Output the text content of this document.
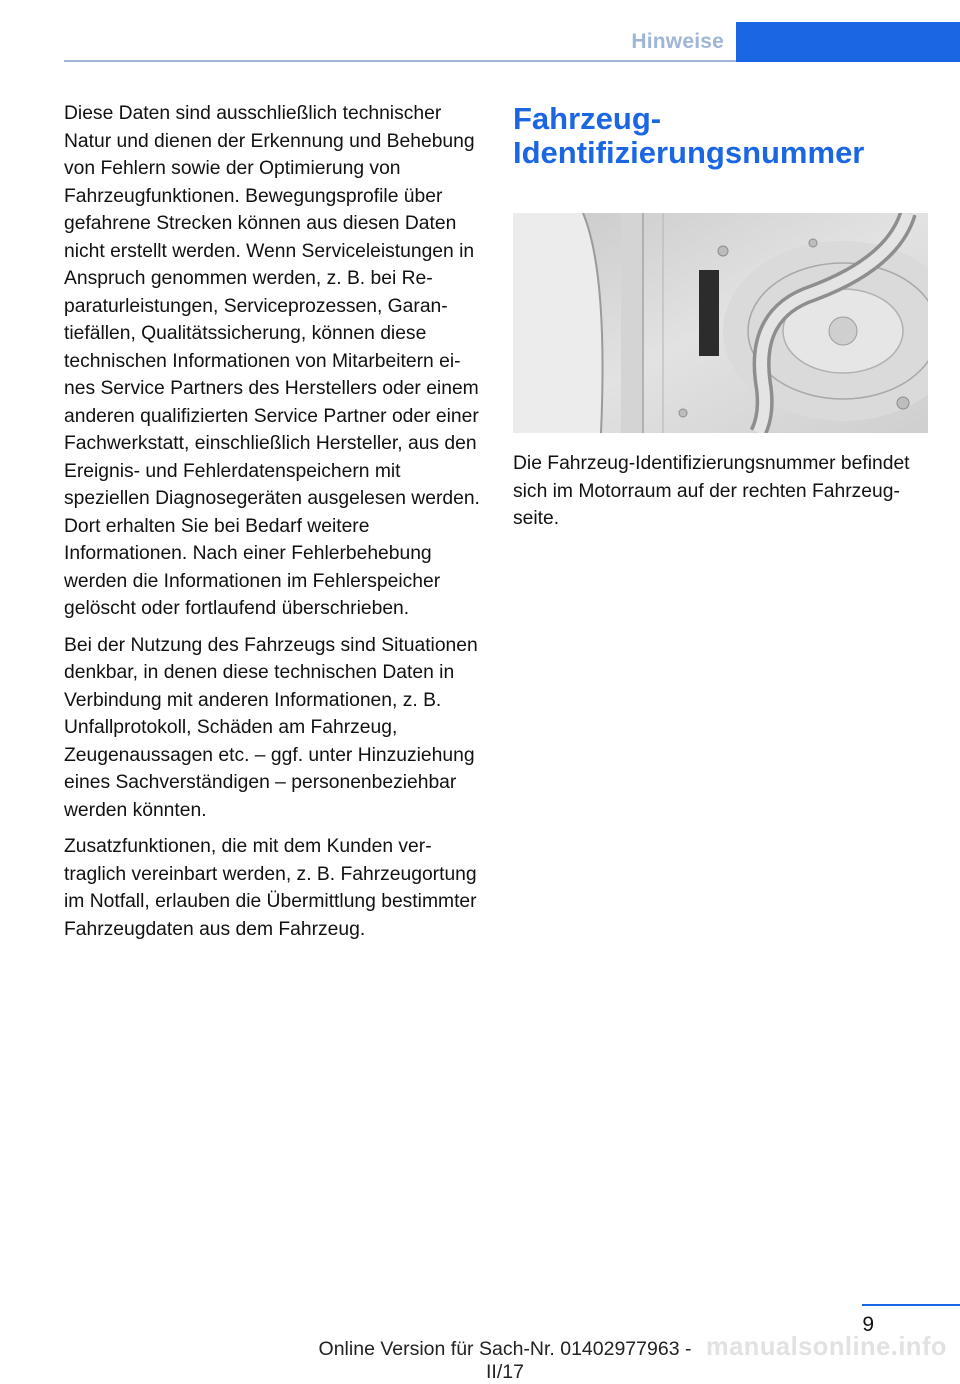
Hinweise

Diese Daten sind ausschließlich technischer Natur und dienen der Erkennung und Behebung von Fehlern sowie der Optimierung von Fahrzeugfunktionen. Bewegungsprofile über gefahrene Strecken können aus diesen Daten nicht erstellt werden. Wenn Serviceleistungen in Anspruch genommen werden, z. B. bei Reparaturleistungen, Serviceprozessen, Garantiefällen, Qualitätssicherung, können diese technischen Informationen von Mitarbeitern eines Service Partners des Herstellers oder einem anderen qualifizierten Service Partner oder einer Fachwerkstatt, einschließlich Hersteller, aus den Ereignis- und Fehlerdatenspeichern mit speziellen Diagnosegeräten ausgelesen werden. Dort erhalten Sie bei Bedarf weitere Informationen. Nach einer Fehlerbehebung werden die Informationen im Fehlerspeicher gelöscht oder fortlaufend überschrieben.

Bei der Nutzung des Fahrzeugs sind Situationen denkbar, in denen diese technischen Daten in Verbindung mit anderen Informationen, z. B. Unfallprotokoll, Schäden am Fahrzeug, Zeugenaussagen etc. – ggf. unter Hinzuziehung eines Sachverständigen – personenbeziehbar werden könnten.

Zusatzfunktionen, die mit dem Kunden vertraglich vereinbart werden, z. B. Fahrzeugortung im Notfall, erlauben die Übermittlung bestimmter Fahrzeugdaten aus dem Fahrzeug.

Fahrzeug-Identifizierungsnummer

Die Fahrzeug-Identifizierungsnummer befindet sich im Motorraum auf der rechten Fahrzeugseite.

9
manualsonline.info
Online Version für Sach-Nr. 01402977963 - II/17
